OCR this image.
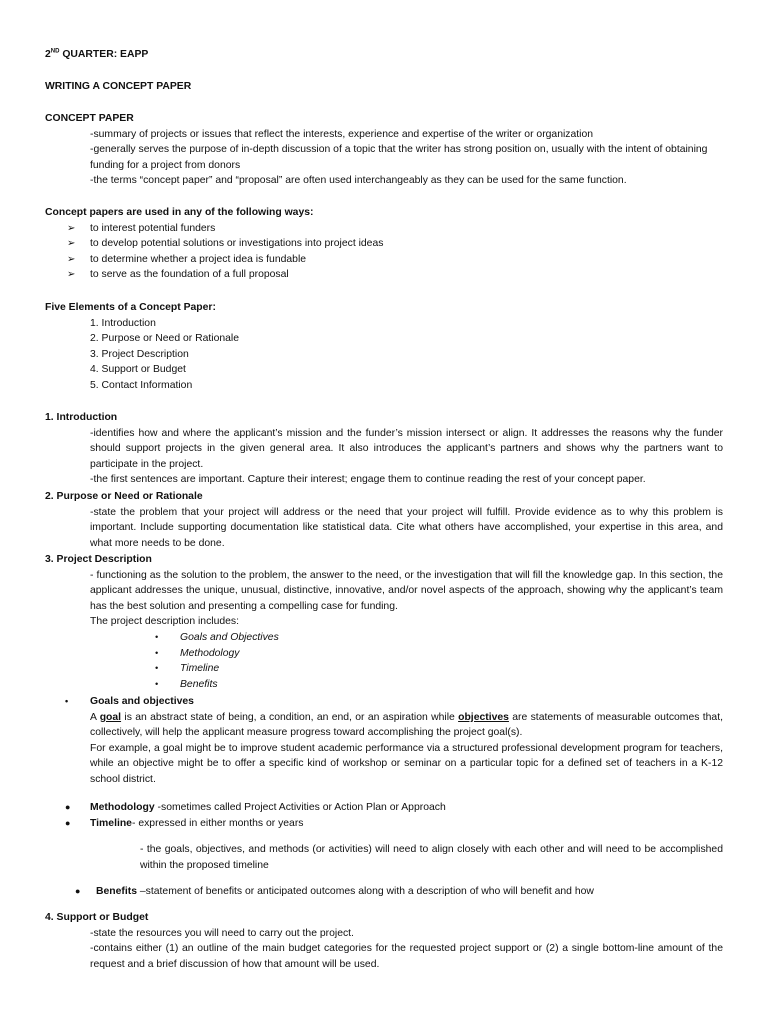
2ND QUARTER: EAPP

WRITING A CONCEPT PAPER

CONCEPT PAPER

-summary of projects or issues that reflect the interests, experience and expertise of the writer or organization

-generally serves the purpose of in-depth discussion of a topic that the writer has strong position on, usually with the intent of obtaining funding for a project from donors

-the terms “concept paper” and “proposal” are often used interchangeably as they can be used for the same function.

Concept papers are used in any of the following ways:

➢ to interest potential funders
➢ to develop potential solutions or investigations into project ideas
➢ to determine whether a project idea is fundable
➢ to serve as the foundation of a full proposal

Five Elements of a Concept Paper:

1. Introduction

2. Purpose or Need or Rationale

3. Project Description

4. Support or Budget

5. Contact Information

1. Introduction

-identifies how and where the applicant’s mission and the funder’s mission intersect or align. It addresses the reasons why the funder should support projects in the given general area. It also introduces the applicant’s partners and shows why the partners want to participate in the project.

-the first sentences are important. Capture their interest; engage them to continue reading the rest of your concept paper.

2. Purpose or Need or Rationale

-state the problem that your project will address or the need that your project will fulfill. Provide evidence as to why this problem is important. Include supporting documentation like statistical data. Cite what others have accomplished, your expertise in this area, and what more needs to be done.

3. Project Description

- functioning as the solution to the problem, the answer to the need, or the investigation that will fill the knowledge gap. In this section, the applicant addresses the unique, unusual, distinctive, innovative, and/or novel aspects of the approach, showing why the applicant’s team has the best solution and presenting a compelling case for funding.

The project description includes:

• Goals and Objectives
• Methodology
• Timeline
• Benefits
• Goals and objectives

A goal is an abstract state of being, a condition, an end, or an aspiration while objectives are statements of measurable outcomes that, collectively, will help the applicant measure progress toward accomplishing the project goal(s).

For example, a goal might be to improve student academic performance via a structured professional development program for teachers, while an objective might be to offer a specific kind of workshop or seminar on a particular topic for a defined set of teachers in a K-12 school district.

● Methodology -sometimes called Project Activities or Action Plan or Approach
● Timeline- expressed in either months or years

- the goals, objectives, and methods (or activities) will need to align closely with each other and will need to be accomplished within the proposed timeline

● Benefits –statement of benefits or anticipated outcomes along with a description of who will benefit and how

4. Support or Budget

-state the resources you will need to carry out the project.

-contains either (1) an outline of the main budget categories for the requested project support or (2) a single bottom-line amount of the request and a brief discussion of how that amount will be used.
